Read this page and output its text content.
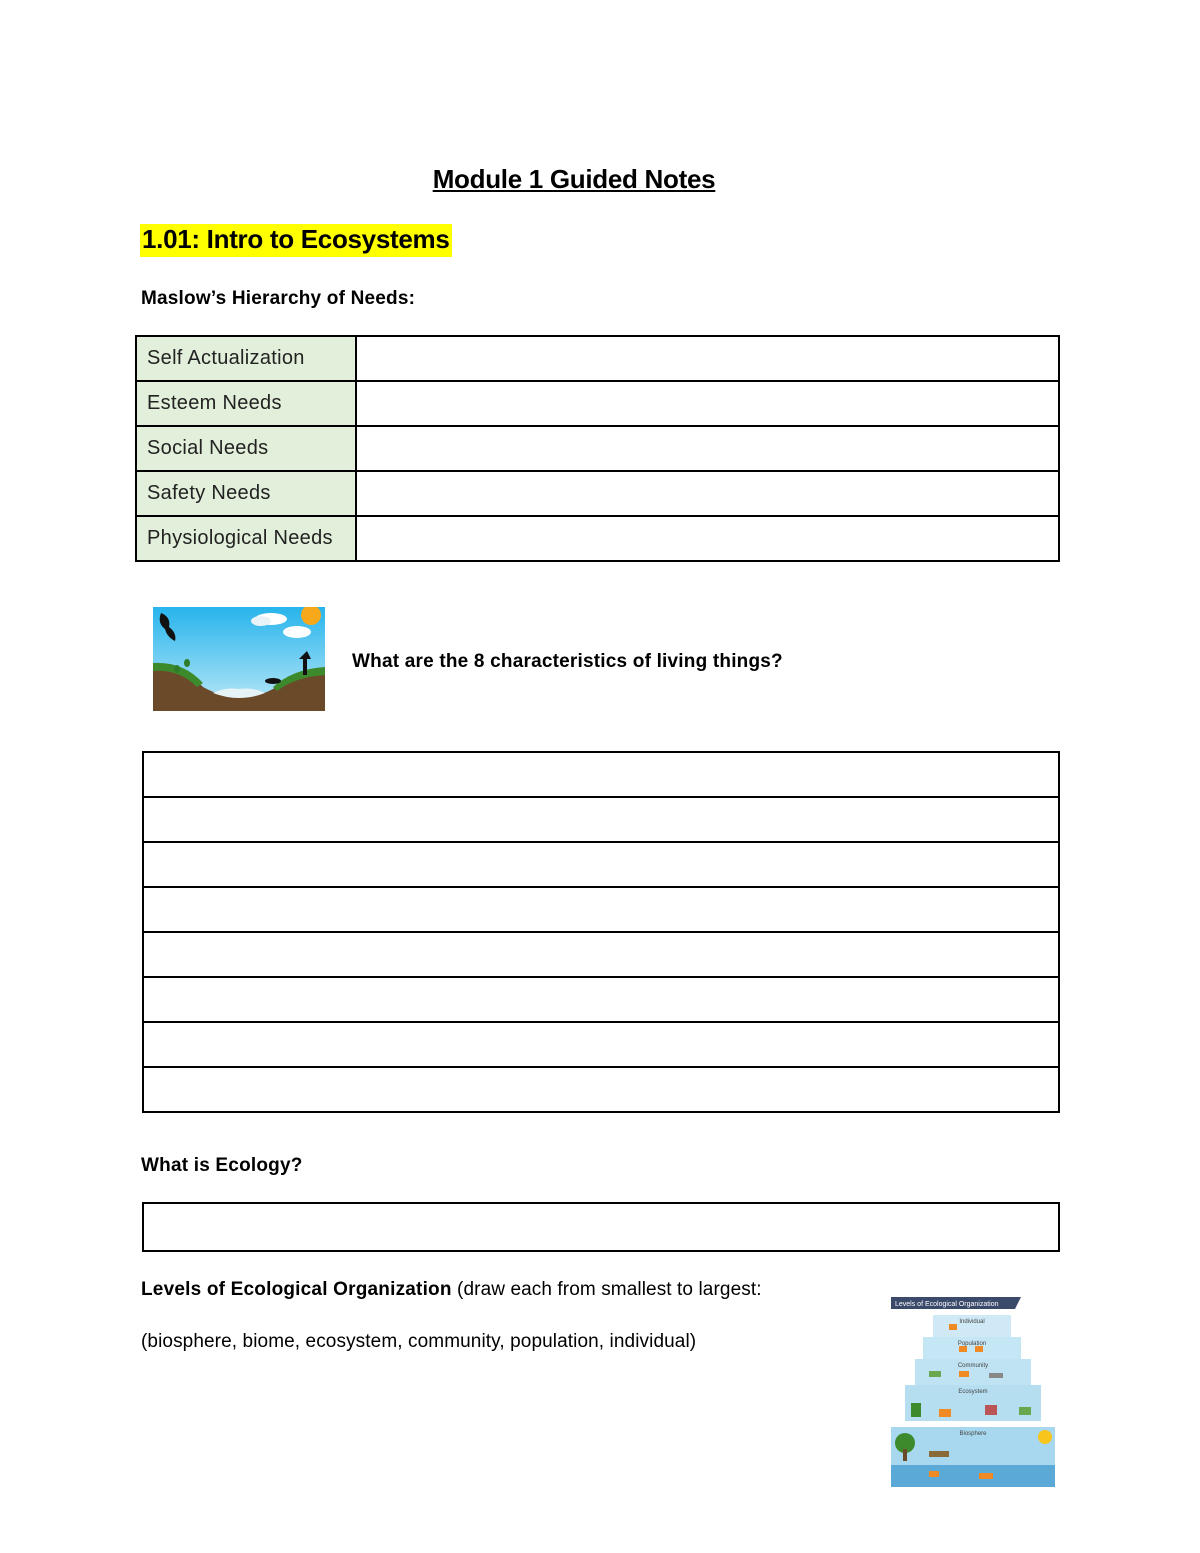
Module 1 Guided Notes
1.01: Intro to Ecosystems
Maslow’s Hierarchy of Needs:
Self Actualization	
Esteem Needs	
Social Needs	
Safety Needs	
Physiological Needs	
What are the 8 characteristics of living things?

What is Ecology?
Levels of Ecological Organization (draw each from smallest to largest:
(biosphere, biome, ecosystem, community, population, individual)
Levels of Ecological Organization
Individual
Population
Community
Ecosystem
Biosphere
